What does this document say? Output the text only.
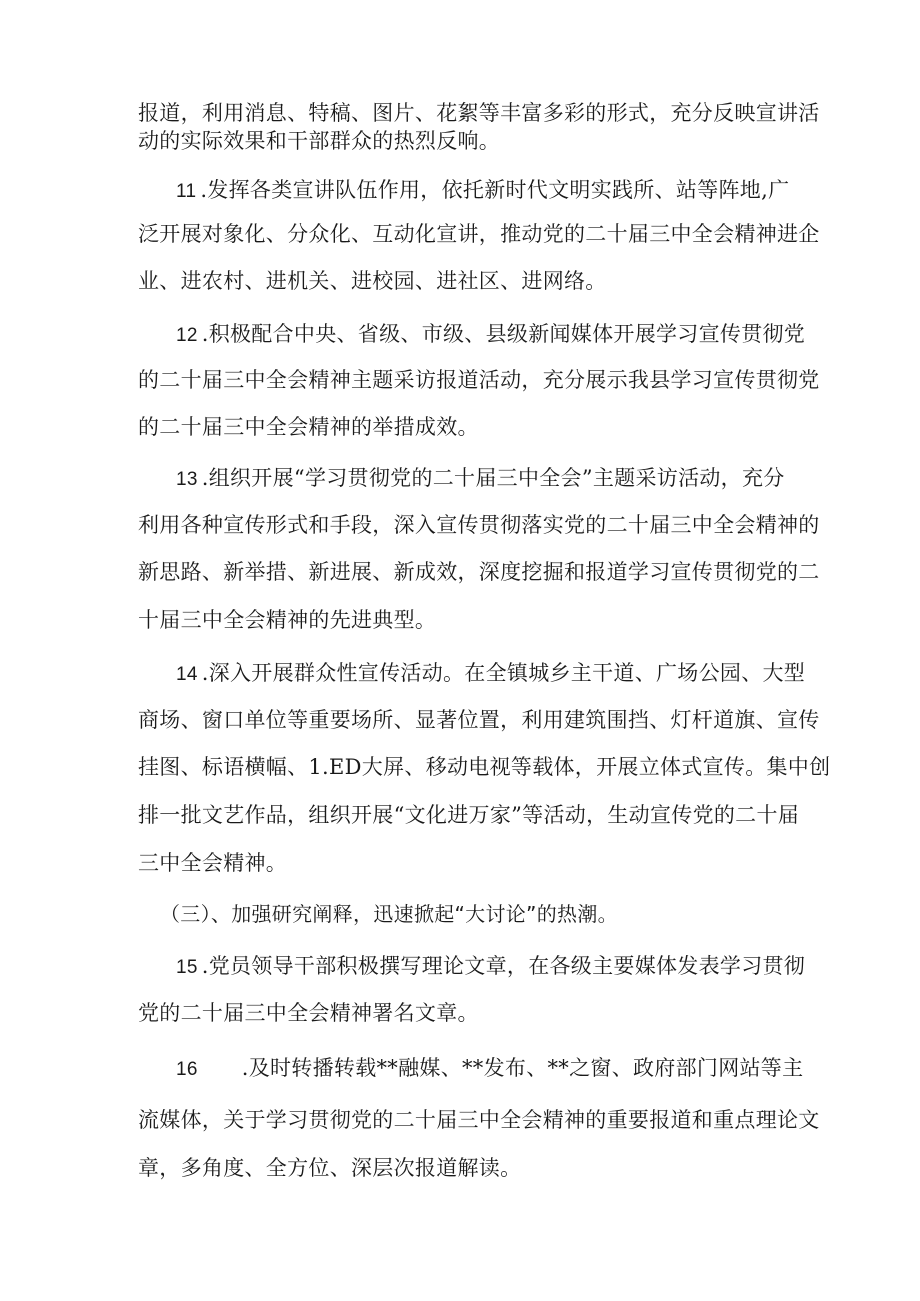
报道，利用消息、特稿、图片、花絮等丰富多彩的形式，充分反映宣讲活
动的实际效果和干部群众的热烈反响。
11 .发挥各类宣讲队伍作用，依托新时代文明实践所、站等阵地,广
泛开展对象化、分众化、互动化宣讲，推动党的二十届三中全会精神进企
业、进农村、进机关、进校园、进社区、进网络。
12 .积极配合中央、省级、市级、县级新闻媒体开展学习宣传贯彻党
的二十届三中全会精神主题采访报道活动，充分展示我县学习宣传贯彻党
的二十届三中全会精神的举措成效。
13 .组织开展“学习贯彻党的二十届三中全会”主题采访活动，充分
利用各种宣传形式和手段，深入宣传贯彻落实党的二十届三中全会精神的
新思路、新举措、新进展、新成效，深度挖掘和报道学习宣传贯彻党的二
十届三中全会精神的先进典型。
14 .深入开展群众性宣传活动。在全镇城乡主干道、广场公园、大型
商场、窗口单位等重要场所、显著位置，利用建筑围挡、灯杆道旗、宣传
挂图、标语横幅、1.ED大屏、移动电视等载体，开展立体式宣传。集中创
排一批文艺作品，组织开展“文化进万家”等活动，生动宣传党的二十届
三中全会精神。
（三）、加强研究阐释，迅速掀起“大讨论”的热潮。
15 .党员领导干部积极撰写理论文章，在各级主要媒体发表学习贯彻
党的二十届三中全会精神署名文章。
16 .及时转播转载**融媒、**发布、**之窗、政府部门网站等主
流媒体，关于学习贯彻党的二十届三中全会精神的重要报道和重点理论文
章，多角度、全方位、深层次报道解读。
